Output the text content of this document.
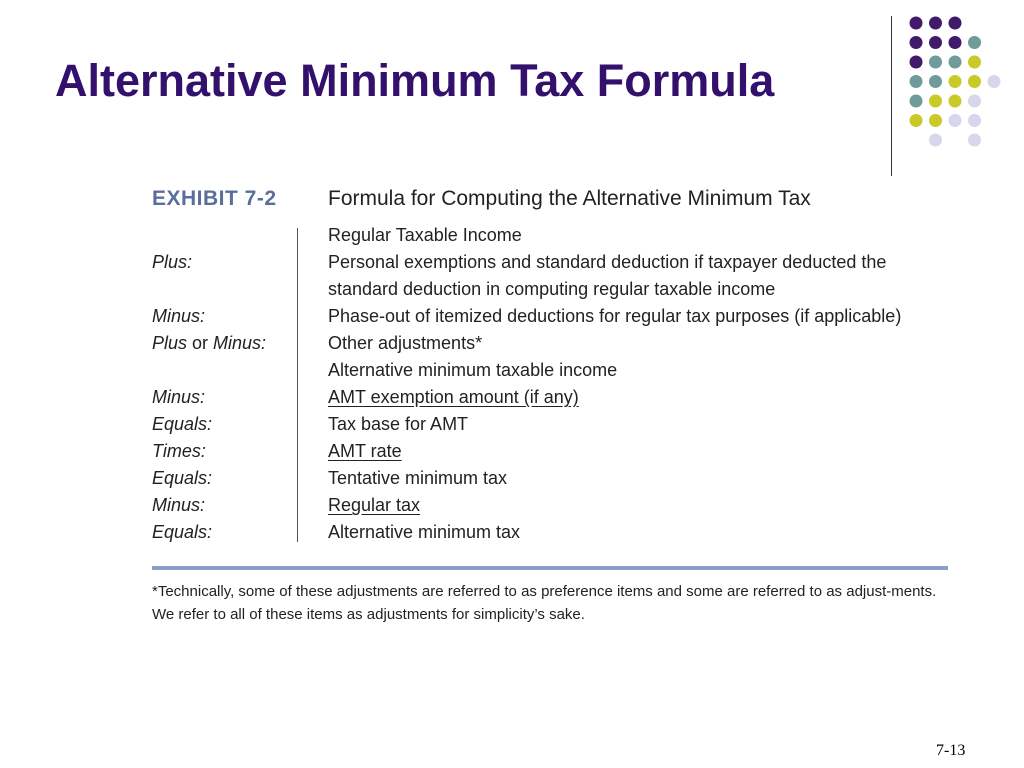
Alternative Minimum Tax Formula
EXHIBIT 7-2 Formula for Computing the Alternative Minimum Tax
Regular Taxable Income
Plus:	Personal exemptions and standard deduction if taxpayer deducted the standard deduction in computing regular taxable income
Minus:	Phase-out of itemized deductions for regular tax purposes (if applicable)
Plus or Minus:	Other adjustments*
Alternative minimum taxable income
Minus:	AMT exemption amount (if any)
Equals:	Tax base for AMT
Times:	AMT rate
Equals:	Tentative minimum tax
Minus:	Regular tax
Equals:	Alternative minimum tax
*Technically, some of these adjustments are referred to as preference items and some are referred to as adjust-ments. We refer to all of these items as adjustments for simplicity’s sake.
7-13
